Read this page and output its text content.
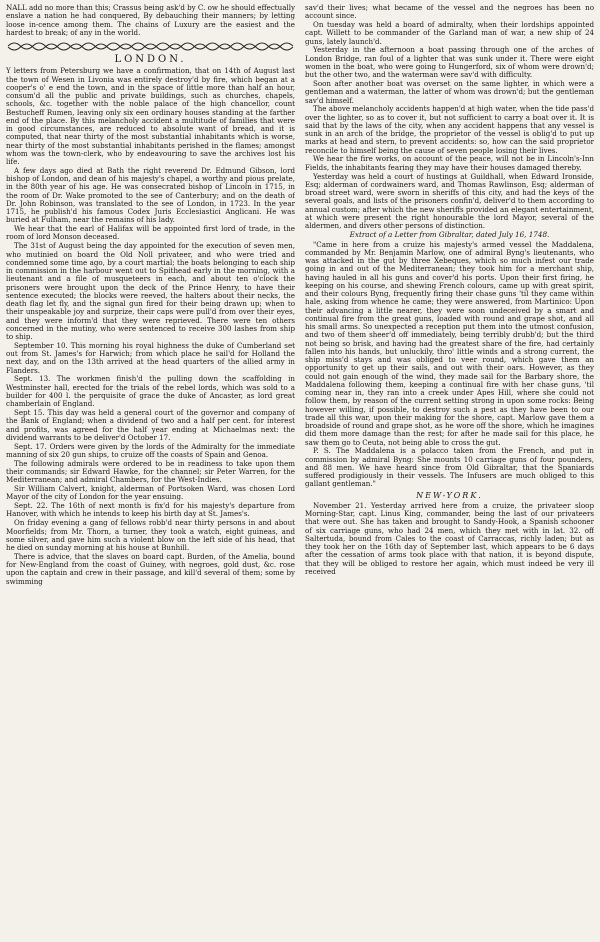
NALL add no more than this; Crassus being ask'd by C. ow he should effectually enslave a nation he had conquered, By debauching their manners; by letting loose in-cence among them. The chains of Luxury are the easiest and the hardest to break; of any in the world.

LONDON.

Y letters from Petersburg we have a confirmation, that on 14th of August last the town of Wesen in Livonia was entirely destroy'd by fire, which began at a cooper's o' e end the town, and in the space of little more than half an hour, consum'd all the public and private buildings, such as churches, chapels, schools, &c. together with the noble palace of the high chancellor, count Bestucheff Rumen, leaving only six een ordinary houses standing at the farther end of the place. By this melancholy accident a multitude of families that were in good circumstances, are reduced to absolute want of bread, and it is computed, that near thirty of the most substantial inhabitants which is worse, near thirty of the most substantial inhabitants perished in the flames; amongst whom was the town-clerk, who by endeavouring to save the archives lost his life.

A few days ago died at Bath the right reverend Dr. Edmund Gibson, lord bishop of London, and dean of his majesty's chapel, a worthy and pious prelate, in the 80th year of his age. He was consecrated bishop of Lincoln in 1715, in the room of Dr. Wake promoted to the see of Canterbury; and on the death of Dr. John Robinson, was translated to the see of London, in 1723. In the year 1715, he publish'd his famous Codex Juris Ecclesiastici Anglicani. He was buried at Fulham, near the remains of his lady.

We hear that the earl of Halifax will be appointed first lord of trade, in the room of lord Monson deceased.

The 31st of August being the day appointed for the execution of seven men, who mutinied on board the Old Noll privateer, and who were tried and condemned some time ago, by a court martial; the boats belonging to each ship in commission in the harbour went out to Spithead early in the morning, with a lieutenant and a file of musqueteers in each, and about ten o'clock the prisoners were brought upon the deck of the Prince Henry, to have their sentence executed; the blocks were reeved, the halters about their necks, the death flag let fly, and the signal gun fired for their being drawn up; when to their unspeakable joy and surprize, their caps were pull'd from over their eyes, and they were inform'd that they were reprieved. There were ten others concerned in the mutiny, who were sentenced to receive 300 lashes from ship to ship.

September 10. This morning his royal highness the duke of Cumberland set out from St. James's for Harwich; from which place he sail'd for Holland the next day, and on the 13th arrived at the head quarters of the allied army in Flanders.

Sept. 13. The workmen finish'd the pulling down the scaffolding in Westminster hall, erected for the trials of the rebel lords, which was sold to a builder for 400 l. the perquisite of grace the duke of Ancaster, as lord great chamberlain of England.

Sept 15. This day was held a general court of the governor and company of the Bank of England; when a dividend of two and a half per cent. for interest and profits, was agreed for the half year ending at Michaelmas next: the dividend warrants to be deliver'd October 17.

Sept. 17. Orders were given by the lords of the Admiralty for the immediate manning of six 20 gun ships, to cruize off the coasts of Spain and Genoa.

The following admirals were ordered to be in readiness to take upon them their commands; sir Edward Hawke, for the channel; sir Peter Warren, for the Mediterranean; and admiral Chambers, for the West-Indies.

Sir William Calvert, knight, alderman of Portsoken Ward, was chosen Lord Mayor of the city of London for the year ensuing.

Sept. 22. The 16th of next month is fix'd for his majesty's departure from Hanover, with which he intends to keep his birth day at St. James's.

On friday evening a gang of fellows robb'd near thirty persons in and about Moorfields; from Mr. Thorn, a turner, they took a watch, eight guineas, and some silver, and gave him such a violent blow on the left side of his head, that he died on sunday morning at his house at Bunhill.

There is advice, that the slaves on board capt. Burden, of the Amelia, bound for New-England from the coast of Guiney, with negroes, gold dust, &c. rose upon the captain and crew in their passage, and kill'd several of them; some by swimming

sav'd their lives; what became of the vessel and the negroes has been no account since.

On tuesday was held a board of admiralty, when their lordships appointed capt. Willett to be commander of the Garland man of war, a new ship of 24 guns, lately launch'd.

Yesterday in the afternoon a boat passing through one of the arches of London Bridge, ran foul of a lighter that was sunk under it. There were eight women in the boat, who were going to Hungerford, six of whom were drown'd; but the other two, and the waterman were sav'd with difficulty.

Soon after another boat was overset on the same lighter, in which were a gentleman and a waterman, the latter of whom was drown'd; but the gentleman sav'd himself.

The above melancholy accidents happen'd at high water, when the tide pass'd over the lighter, so as to cover it, but not sufficient to carry a boat over it. It is said that by the laws of the city, when any accident happens that any vessel is sunk in an arch of the bridge, the proprietor of the vessel is oblig'd to put up marks at head and stern, to prevent accidents: so, how can the said proprietor reconcile to himself being the cause of seven people losing their lives.

We hear the fire works, on account of the peace, will not be in Lincoln's-Inn Fields, the inhabitants fearing they may have their houses damaged thereby.

Yesterday was held a court of hustings at Guildhall, when Edward Ironside, Esq; alderman of cordwainers ward, and Thomas Rawlinson, Esq; alderman of broad street ward, were sworn in sheriffs of this city, and had the keys of the several goals, and lists of the prisoners confin'd, deliver'd to them according to annual custom; after which the new sheriffs provided an elegant entertainment, at which were present the right honourable the lord Mayor, several of the aldermen, and divers other persons of distinction.

Extract of a Letter from Gibraltar, dated July 16, 1748.

"Came in here from a cruize his majesty's armed vessel the Maddalena, commanded by Mr. Benjamin Marlow, one of admiral Byng's lieutenants, who was attacked in the gut by three Xebeques, which so much infest our trade going in and out of the Mediterranean; they took him for a merchant ship, having hauled in all his guns and cover'd his ports. Upon their first firing, he keeping on his course, and shewing French colours, came up with great spirit, and their colours Byng, frequently firing their chase guns 'til they came within hale, asking from whence he came; they were answered, from Martinico: Upon their advancing a little nearer, they were soon undeceived by a smart and continual fire from the great guns, loaded with round and grape shot, and all his small arms. So unexpected a reception put them into the utmost confusion, and two of them sheer'd off immediately, being terribly drubb'd; but the third not being so brisk, and having had the greatest share of the fire, had certainly fallen into his hands, but unluckily, thro' little winds and a strong current, the ship miss'd stays and was obliged to veer round, which gave them an opportunity to get up their sails, and out with their oars. However, as they could not gain enough of the wind, they made sail for the Barbary shore, the Maddalena following them, keeping a continual fire with her chase guns, 'til coming near in, they ran into a creek under Apes Hill, where she could not follow them, by reason of the current setting strong in upon some rocks: Being however willing, if possible, to destroy such a pest as they have been to our trade all this war, upon their making for the shore, capt. Marlow gave them a broadside of round and grape shot, as he wore off the shore, which he imagines did them more damage than the rest; for after he made sail for this place, he saw them go to Ceuta, not being able to cross the gut.

P. S. The Maddalena is a polacco taken from the French, and put in commission by admiral Byng: She mounts 10 carriage guns of four pounders, and 88 men. We have heard since from Old Gibraltar, that the Spaniards suffered prodigiously in their vessels. The Infusers are much obliged to this gallant gentleman."

NEW-YORK.

November 21. Yesterday arrived here from a cruize, the privateer sloop Morning-Star, capt. Linus King, commander, being the last of our privateers that were out. She has taken and brought to Sandy-Hook, a Spanish schooner of six carriage guns, who had 24 men, which they met with in lat. 32. off Saltertuda, bound from Cales to the coast of Carraccas, richly laden; but as they took her on the 16th day of September last, which appears to be 6 days after the cessation of arms took place with that nation, it is beyond dispute, that they will be obliged to restore her again, which must indeed be very ill received
